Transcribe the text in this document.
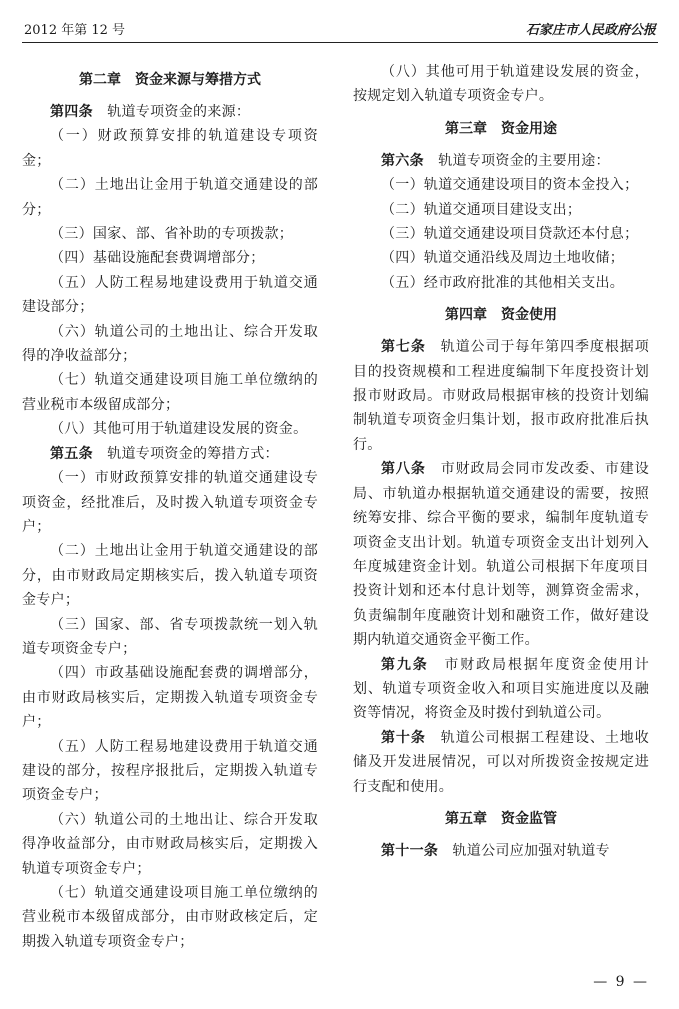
2012 年第 12 号	石家庄市人民政府公报
第二章　资金来源与筹措方式

第四条　轨道专项资金的来源：

（一）财政预算安排的轨道建设专项资金；

（二）土地出让金用于轨道交通建设的部分；

（三）国家、部、省补助的专项拨款；

（四）基础设施配套费调增部分；

（五）人防工程易地建设费用于轨道交通建设部分；

（六）轨道公司的土地出让、综合开发取得的净收益部分；

（七）轨道交通建设项目施工单位缴纳的营业税市本级留成部分；

（八）其他可用于轨道建设发展的资金。

第五条　轨道专项资金的筹措方式：

（一）市财政预算安排的轨道交通建设专项资金，经批准后，及时拨入轨道专项资金专户；

（二）土地出让金用于轨道交通建设的部分，由市财政局定期核实后，拨入轨道专项资金专户；

（三）国家、部、省专项拨款统一划入轨道专项资金专户；

（四）市政基础设施配套费的调增部分，由市财政局核实后，定期拨入轨道专项资金专户；

（五）人防工程易地建设费用于轨道交通建设的部分，按程序报批后，定期拨入轨道专项资金专户；

（六）轨道公司的土地出让、综合开发取得净收益部分，由市财政局核实后，定期拨入轨道专项资金专户；

（七）轨道交通建设项目施工单位缴纳的营业税市本级留成部分，由市财政核定后，定期拨入轨道专项资金专户；

（八）其他可用于轨道建设发展的资金，按规定划入轨道专项资金专户。

第三章　资金用途

第六条　轨道专项资金的主要用途：

（一）轨道交通建设项目的资本金投入；

（二）轨道交通项目建设支出；

（三）轨道交通建设项目贷款还本付息；

（四）轨道交通沿线及周边土地收储；

（五）经市政府批准的其他相关支出。

第四章　资金使用

第七条　轨道公司于每年第四季度根据项目的投资规模和工程进度编制下年度投资计划报市财政局。市财政局根据审核的投资计划编制轨道专项资金归集计划，报市政府批准后执行。

第八条　市财政局会同市发改委、市建设局、市轨道办根据轨道交通建设的需要，按照统筹安排、综合平衡的要求，编制年度轨道专项资金支出计划。轨道专项资金支出计划列入年度城建资金计划。轨道公司根据下年度项目投资计划和还本付息计划等，测算资金需求，负责编制年度融资计划和融资工作，做好建设期内轨道交通资金平衡工作。

第九条　市财政局根据年度资金使用计划、轨道专项资金收入和项目实施进度以及融资等情况，将资金及时拨付到轨道公司。

第十条　轨道公司根据工程建设、土地收储及开发进展情况，可以对所拨资金按规定进行支配和使用。

第五章　资金监管

第十一条　轨道公司应加强对轨道专

— 9 —
